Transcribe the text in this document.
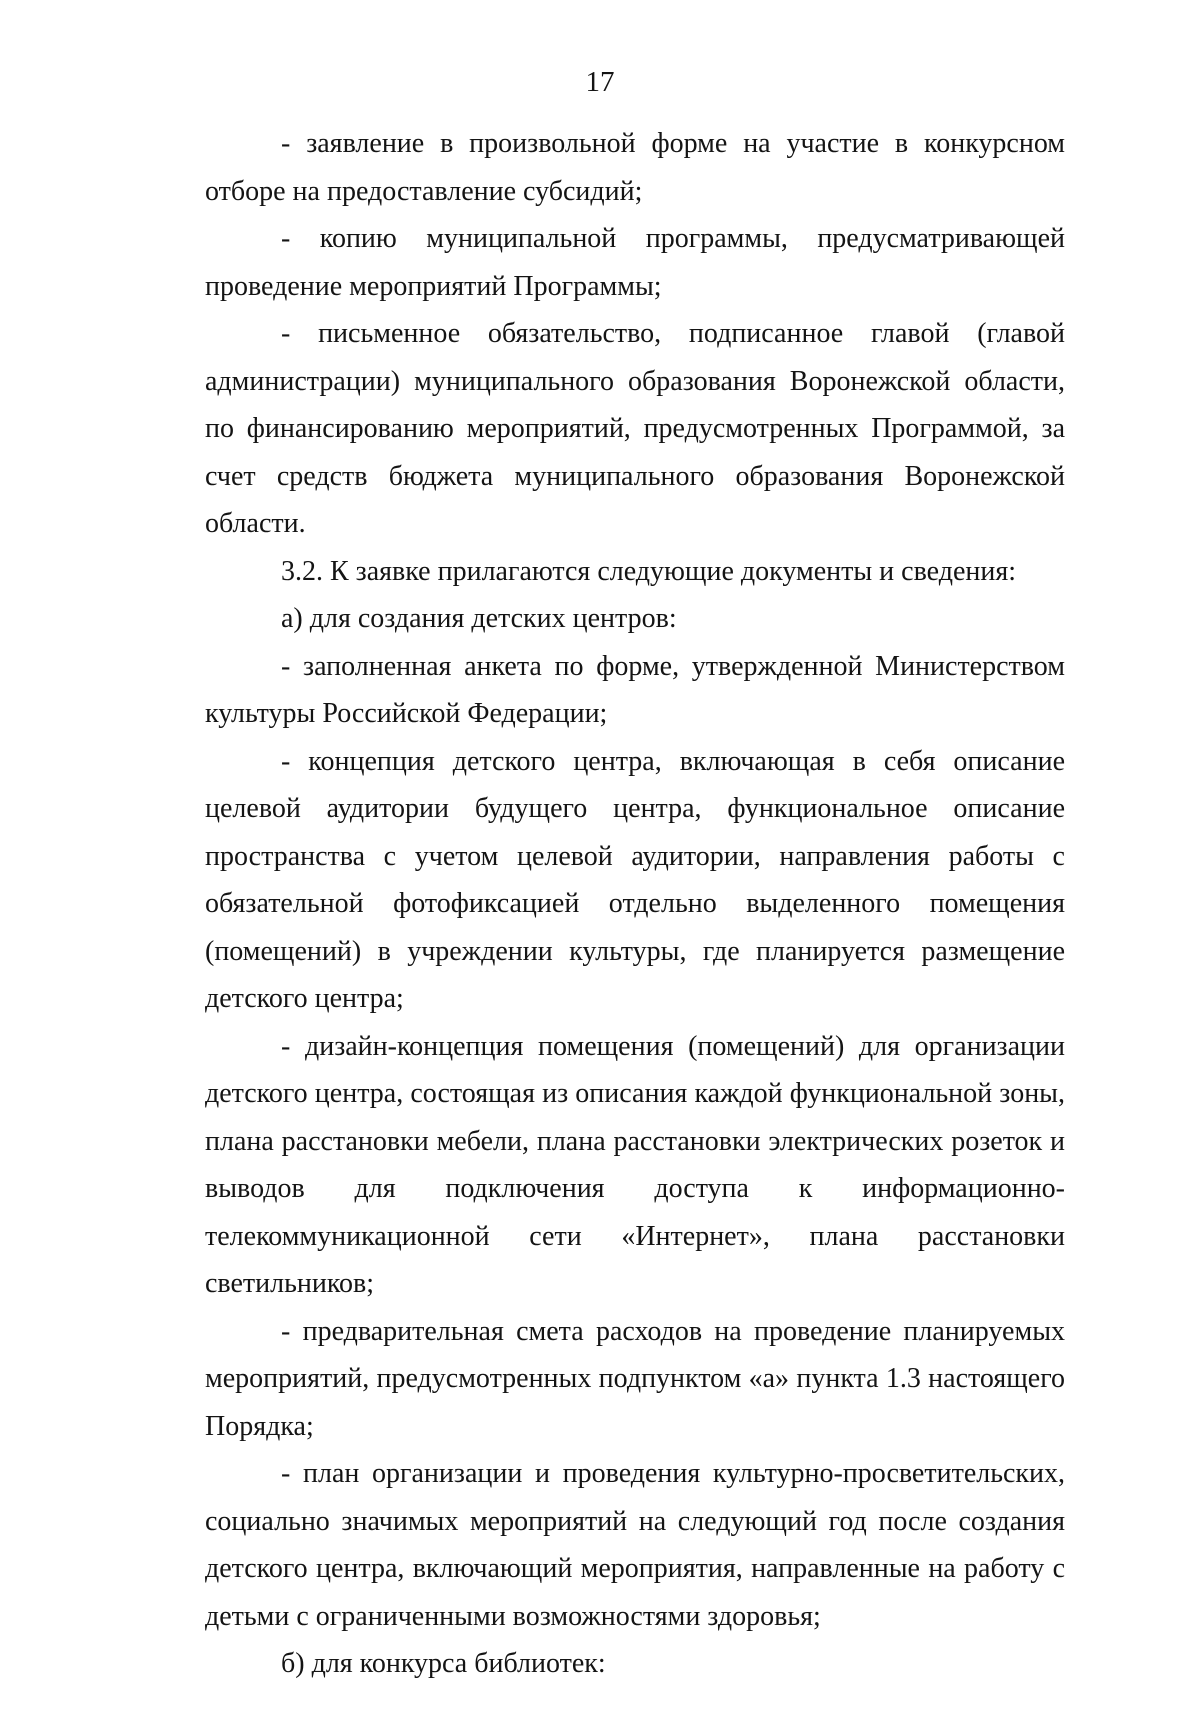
17

- заявление в произвольной форме на участие в конкурсном отборе на предоставление субсидий;

- копию муниципальной программы, предусматривающей проведение мероприятий Программы;

- письменное обязательство, подписанное главой (главой администрации) муниципального образования Воронежской области, по финансированию мероприятий, предусмотренных Программой, за счет средств бюджета муниципального образования Воронежской области.

3.2. К заявке прилагаются следующие документы и сведения:

а) для создания детских центров:

- заполненная анкета по форме, утвержденной Министерством культуры Российской Федерации;

- концепция детского центра, включающая в себя описание целевой аудитории будущего центра, функциональное описание пространства с учетом целевой аудитории, направления работы с обязательной фотофиксацией отдельно выделенного помещения (помещений) в учреждении культуры, где планируется размещение детского центра;

- дизайн-концепция помещения (помещений) для организации детского центра, состоящая из описания каждой функциональной зоны, плана расстановки мебели, плана расстановки электрических розеток и выводов для подключения доступа к информационно-телекоммуникационной сети «Интернет», плана расстановки светильников;

- предварительная смета расходов на проведение планируемых мероприятий, предусмотренных подпунктом «а» пункта 1.3 настоящего Порядка;

- план организации и проведения культурно-просветительских, социально значимых мероприятий на следующий год после создания детского центра, включающий мероприятия, направленные на работу с детьми с ограниченными возможностями здоровья;

б) для конкурса библиотек:
